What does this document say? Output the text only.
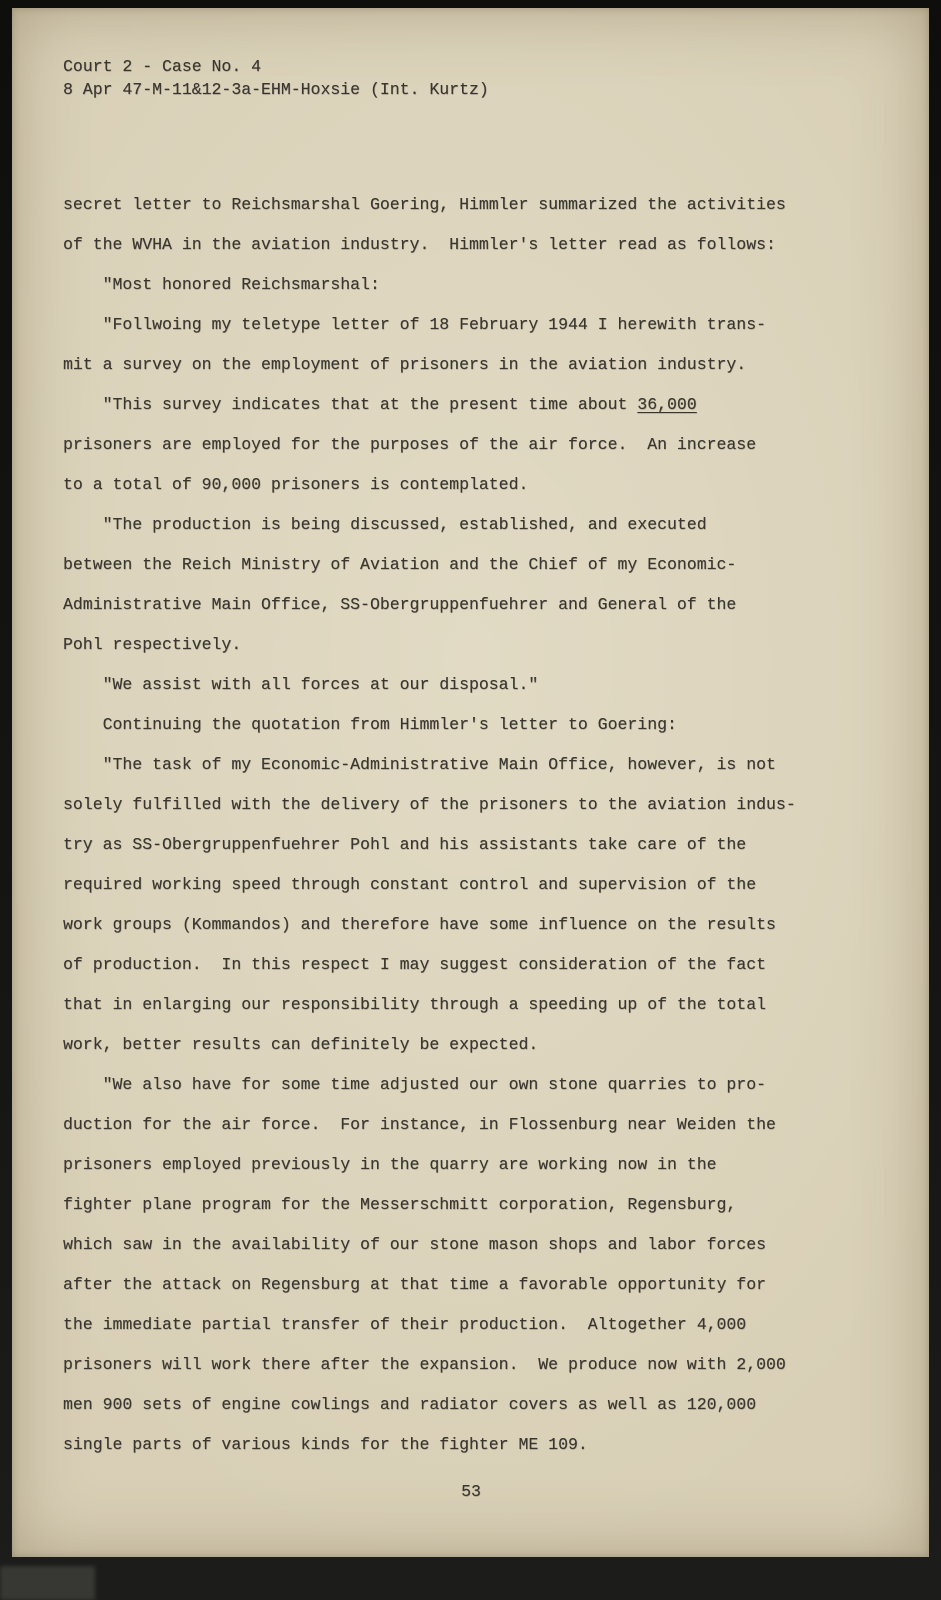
Court 2 - Case No. 4
8 Apr 47-M-11&12-3a-EHM-Hoxsie (Int. Kurtz)
secret letter to Reichsmarshal Goering, Himmler summarized the activities
of the WVHA in the aviation industry.  Himmler's letter read as follows:
"Most honored Reichsmarshal:
"Follwoing my teletype letter of 18 February 1944 I herewith trans-
mit a survey on the employment of prisoners in the aviation industry.
"This survey indicates that at the present time about 36,000
prisoners are employed for the purposes of the air force.  An increase
to a total of 90,000 prisoners is contemplated.
"The production is being discussed, established, and executed
between the Reich Ministry of Aviation and the Chief of my Economic-
Administrative Main Office, SS-Obergruppenfuehrer and General of the
Pohl respectively.
"We assist with all forces at our disposal."
Continuing the quotation from Himmler's letter to Goering:
"The task of my Economic-Administrative Main Office, however, is not
solely fulfilled with the delivery of the prisoners to the aviation indus-
try as SS-Obergruppenfuehrer Pohl and his assistants take care of the
required working speed through constant control and supervision of the
work groups (Kommandos) and therefore have some influence on the results
of production.  In this respect I may suggest consideration of the fact
that in enlarging our responsibility through a speeding up of the total
work, better results can definitely be expected.
"We also have for some time adjusted our own stone quarries to pro-
duction for the air force.  For instance, in Flossenburg near Weiden the
prisoners employed previously in the quarry are working now in the
fighter plane program for the Messerschmitt corporation, Regensburg,
which saw in the availability of our stone mason shops and labor forces
after the attack on Regensburg at that time a favorable opportunity for
the immediate partial transfer of their production.  Altogether 4,000
prisoners will work there after the expansion.  We produce now with 2,000
men 900 sets of engine cowlings and radiator covers as well as 120,000
single parts of various kinds for the fighter ME 109.
53
